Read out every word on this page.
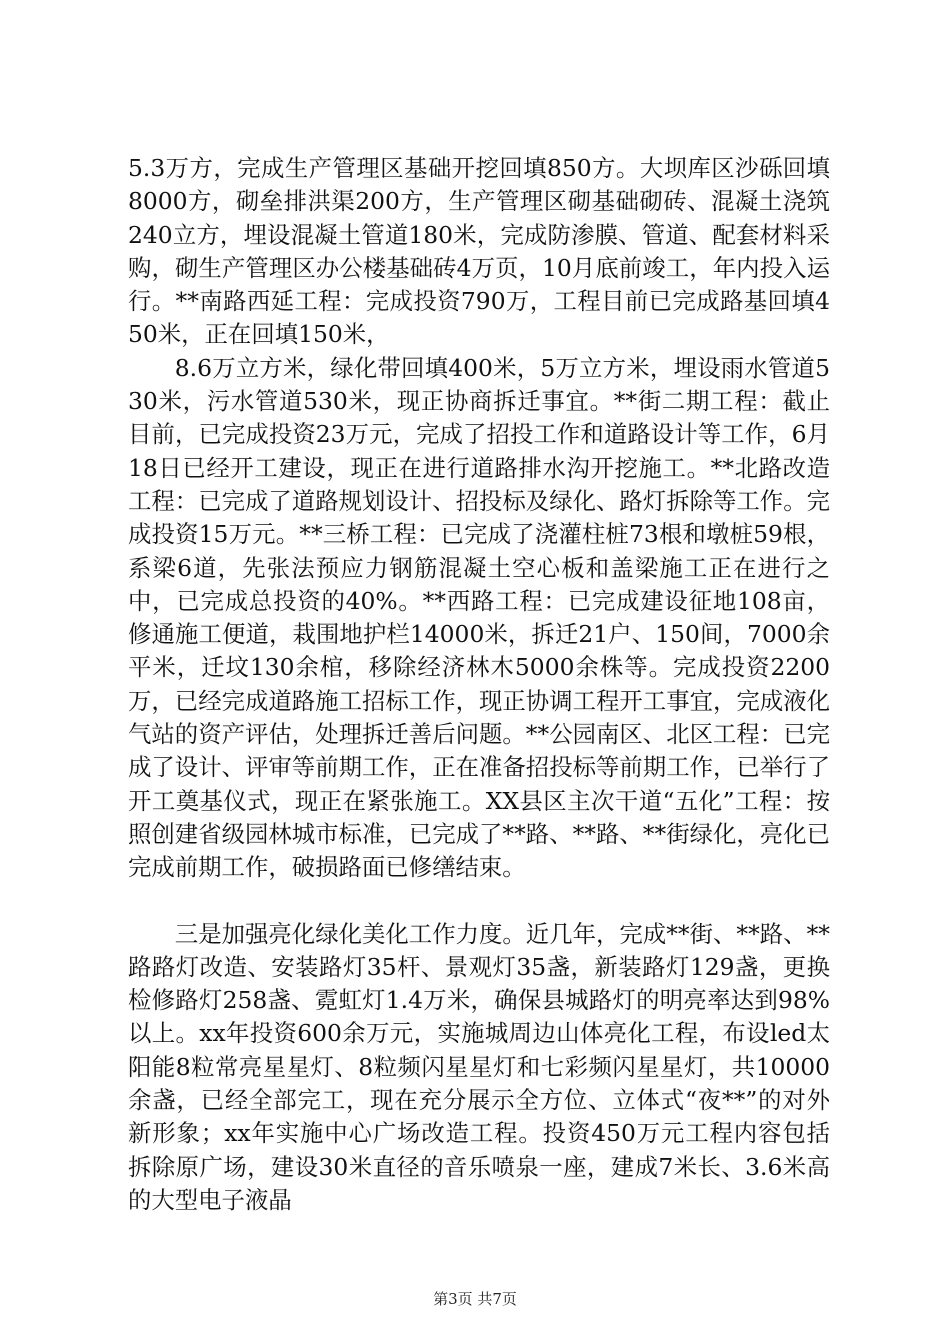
5.3万方，完成生产管理区基础开挖回填850方。大坝库区沙砾回填8000方，砌垒排洪渠200方，生产管理区砌基础砌砖、混凝土浇筑240立方，埋设混凝土管道180米，完成防渗膜、管道、配套材料采购，砌生产管理区办公楼基础砖4万页，10月底前竣工，年内投入运行。**南路西延工程：完成投资790万，工程目前已完成路基回填450米，正在回填150米，

8.6万立方米，绿化带回填400米，5万立方米，埋设雨水管道530米，污水管道530米，现正协商拆迁事宜。**街二期工程：截止目前，已完成投资23万元，完成了招投工作和道路设计等工作，6月18日已经开工建设，现正在进行道路排水沟开挖施工。**北路改造工程：已完成了道路规划设计、招投标及绿化、路灯拆除等工作。完成投资15万元。**三桥工程：已完成了浇灌柱桩73根和墩桩59根，系梁6道，先张法预应力钢筋混凝土空心板和盖梁施工正在进行之中，已完成总投资的40%。**西路工程：已完成建设征地108亩，修通施工便道，栽围地护栏14000米，拆迁21户、150间，7000余平米，迁坟130余棺，移除经济林木5000余株等。完成投资2200万，已经完成道路施工招标工作，现正协调工程开工事宜，完成液化气站的资产评估，处理拆迁善后问题。**公园南区、北区工程：已完成了设计、评审等前期工作，正在准备招投标等前期工作，已举行了开工奠基仪式，现正在紧张施工。XX县区主次干道“五化”工程：按照创建省级园林城市标准，已完成了**路、**路、**街绿化，亮化已完成前期工作，破损路面已修缮结束。

三是加强亮化绿化美化工作力度。近几年，完成**街、**路、**路路灯改造、安装路灯35杆、景观灯35盏，新装路灯129盏，更换检修路灯258盏、霓虹灯1.4万米，确保县城路灯的明亮率达到98%以上。xx年投资600余万元，实施城周边山体亮化工程，布设led太阳能8粒常亮星星灯、8粒频闪星星灯和七彩频闪星星灯，共10000余盏，已经全部完工，现在充分展示全方位、立体式“夜**”的对外新形象；xx年实施中心广场改造工程。投资450万元工程内容包括拆除原广场，建设30米直径的音乐喷泉一座，建成7米长、3.6米高的大型电子液晶

第3页 共7页
